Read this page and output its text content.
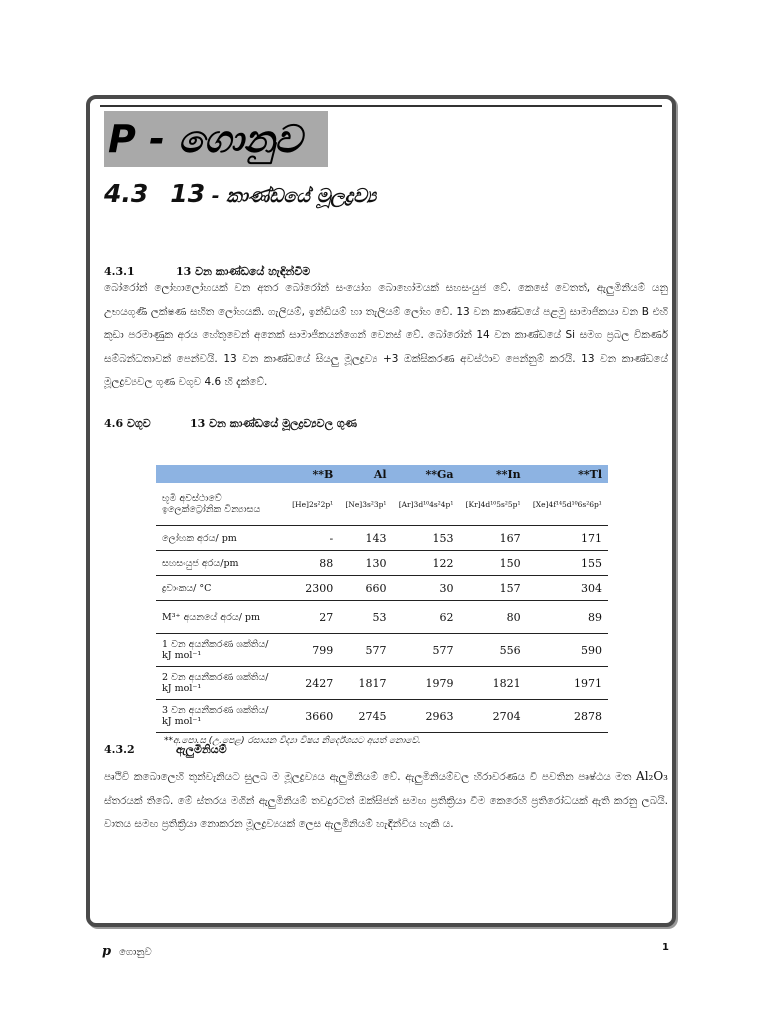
P - ගොනුව
4.3 13 - කාණ්ඩයේ මූලද්‍රව්‍ය
4.3.1	13 වන කාණ්ඩයේ හැඳින්වීම

බෝරෝන් ලෝහාලෝහයක් වන අතර බෝරෝන් සංයෝග බොහෝමයක් සහසංයුජ වේ. කෙසේ වෙතත්, ඇලුමිනියම් යනු උභයගුණී ලක්ෂණ සහිත ලෝහයකි. ගැලියම්, ඉන්ඩියම් හා තැලියම් ලෝහ වේ. 13 වන කාණ්ඩයේ පළමු සාමාජිකයා වන B එහි කුඩා පරමාණුක අරය හේතුවෙන් අනෙක් සාමාජිකයන්ගෙන් වෙනස් වේ. බෝරෝන් 14 වන කාණ්ඩයේ Si සමග ප්‍රබල විකර්ණ සම්බන්ධතාවක් පෙන්වයි. 13 වන කාණ්ඩයේ සියලු මූලද්‍රව්‍ය +3 ඔක්සිකරණ අවස්ථාව පෙන්නුම් කරයි. 13 වන කාණ්ඩයේ මූලද්‍රව්‍යවල ගුණ වගුව 4.6 හි දැක්වේ.

4.6 වගුව	13 වන කාණ්ඩයේ මූලද්‍රව්‍යවල ගුණ
	**B	Al	**Ga	**In	**Tl
භූමි අවස්ථාවේ ඉලෙක්ට්‍රෝනික වින්‍යාසය	[He]2s²2p¹	[Ne]3s²3p¹	[Ar]3d¹⁰4s²4p¹	[Kr]4d¹⁰5s²5p¹	[Xe]4f¹⁴5d¹⁰6s²6p¹
ලෝහක අරය/ pm	-	143	153	167	171
සහසංයුජ අරය/pm	88	130	122	150	155
ද්‍රවාංකය/ °C	2300	660	30	157	304
M³⁺ අයනයේ අරය/ pm	27	53	62	80	89
1 වන අයනීකරණ ශක්තිය/ kJ mol⁻¹	799	577	577	556	590
2 වන අයනීකරණ ශක්තිය/ kJ mol⁻¹	2427	1817	1979	1821	1971
3 වන අයනීකරණ ශක්තිය/ kJ mol⁻¹	3660	2745	2963	2704	2878
**අ.පො.ස (උ.පෙළ) රසායන විද්‍යා විෂය නිර්දේශයට අයත් නොවේ.
4.3.2	ඇලුමිනියම්

පෘථිවි කබොලෙහි තුන්වැනියට සුලබ ම මූලද්‍රව්‍යය ඇලුමිනියම් වේ. ඇලුමිනියම්වල හිරාවරණය වී පවතින පෘෂ්ඨය මත Al₂O₃ ස්තරයක් තිබේ. මේ ස්තරය මගින් ඇලුමිනියම් තවදුරටත් ඔක්සිජන් සමඟ ප්‍රතික්‍රියා වීම කෙරෙහි ප්‍රතිරෝධයක් ඇති කරනු ලබයි. වාතය සමඟ ප්‍රතික්‍රියා නොකරන මූලද්‍රව්‍යයක් ලෙස ඇලුමිනියම් හැඳින්විය හැකි ය.

p ගොනුව	1
